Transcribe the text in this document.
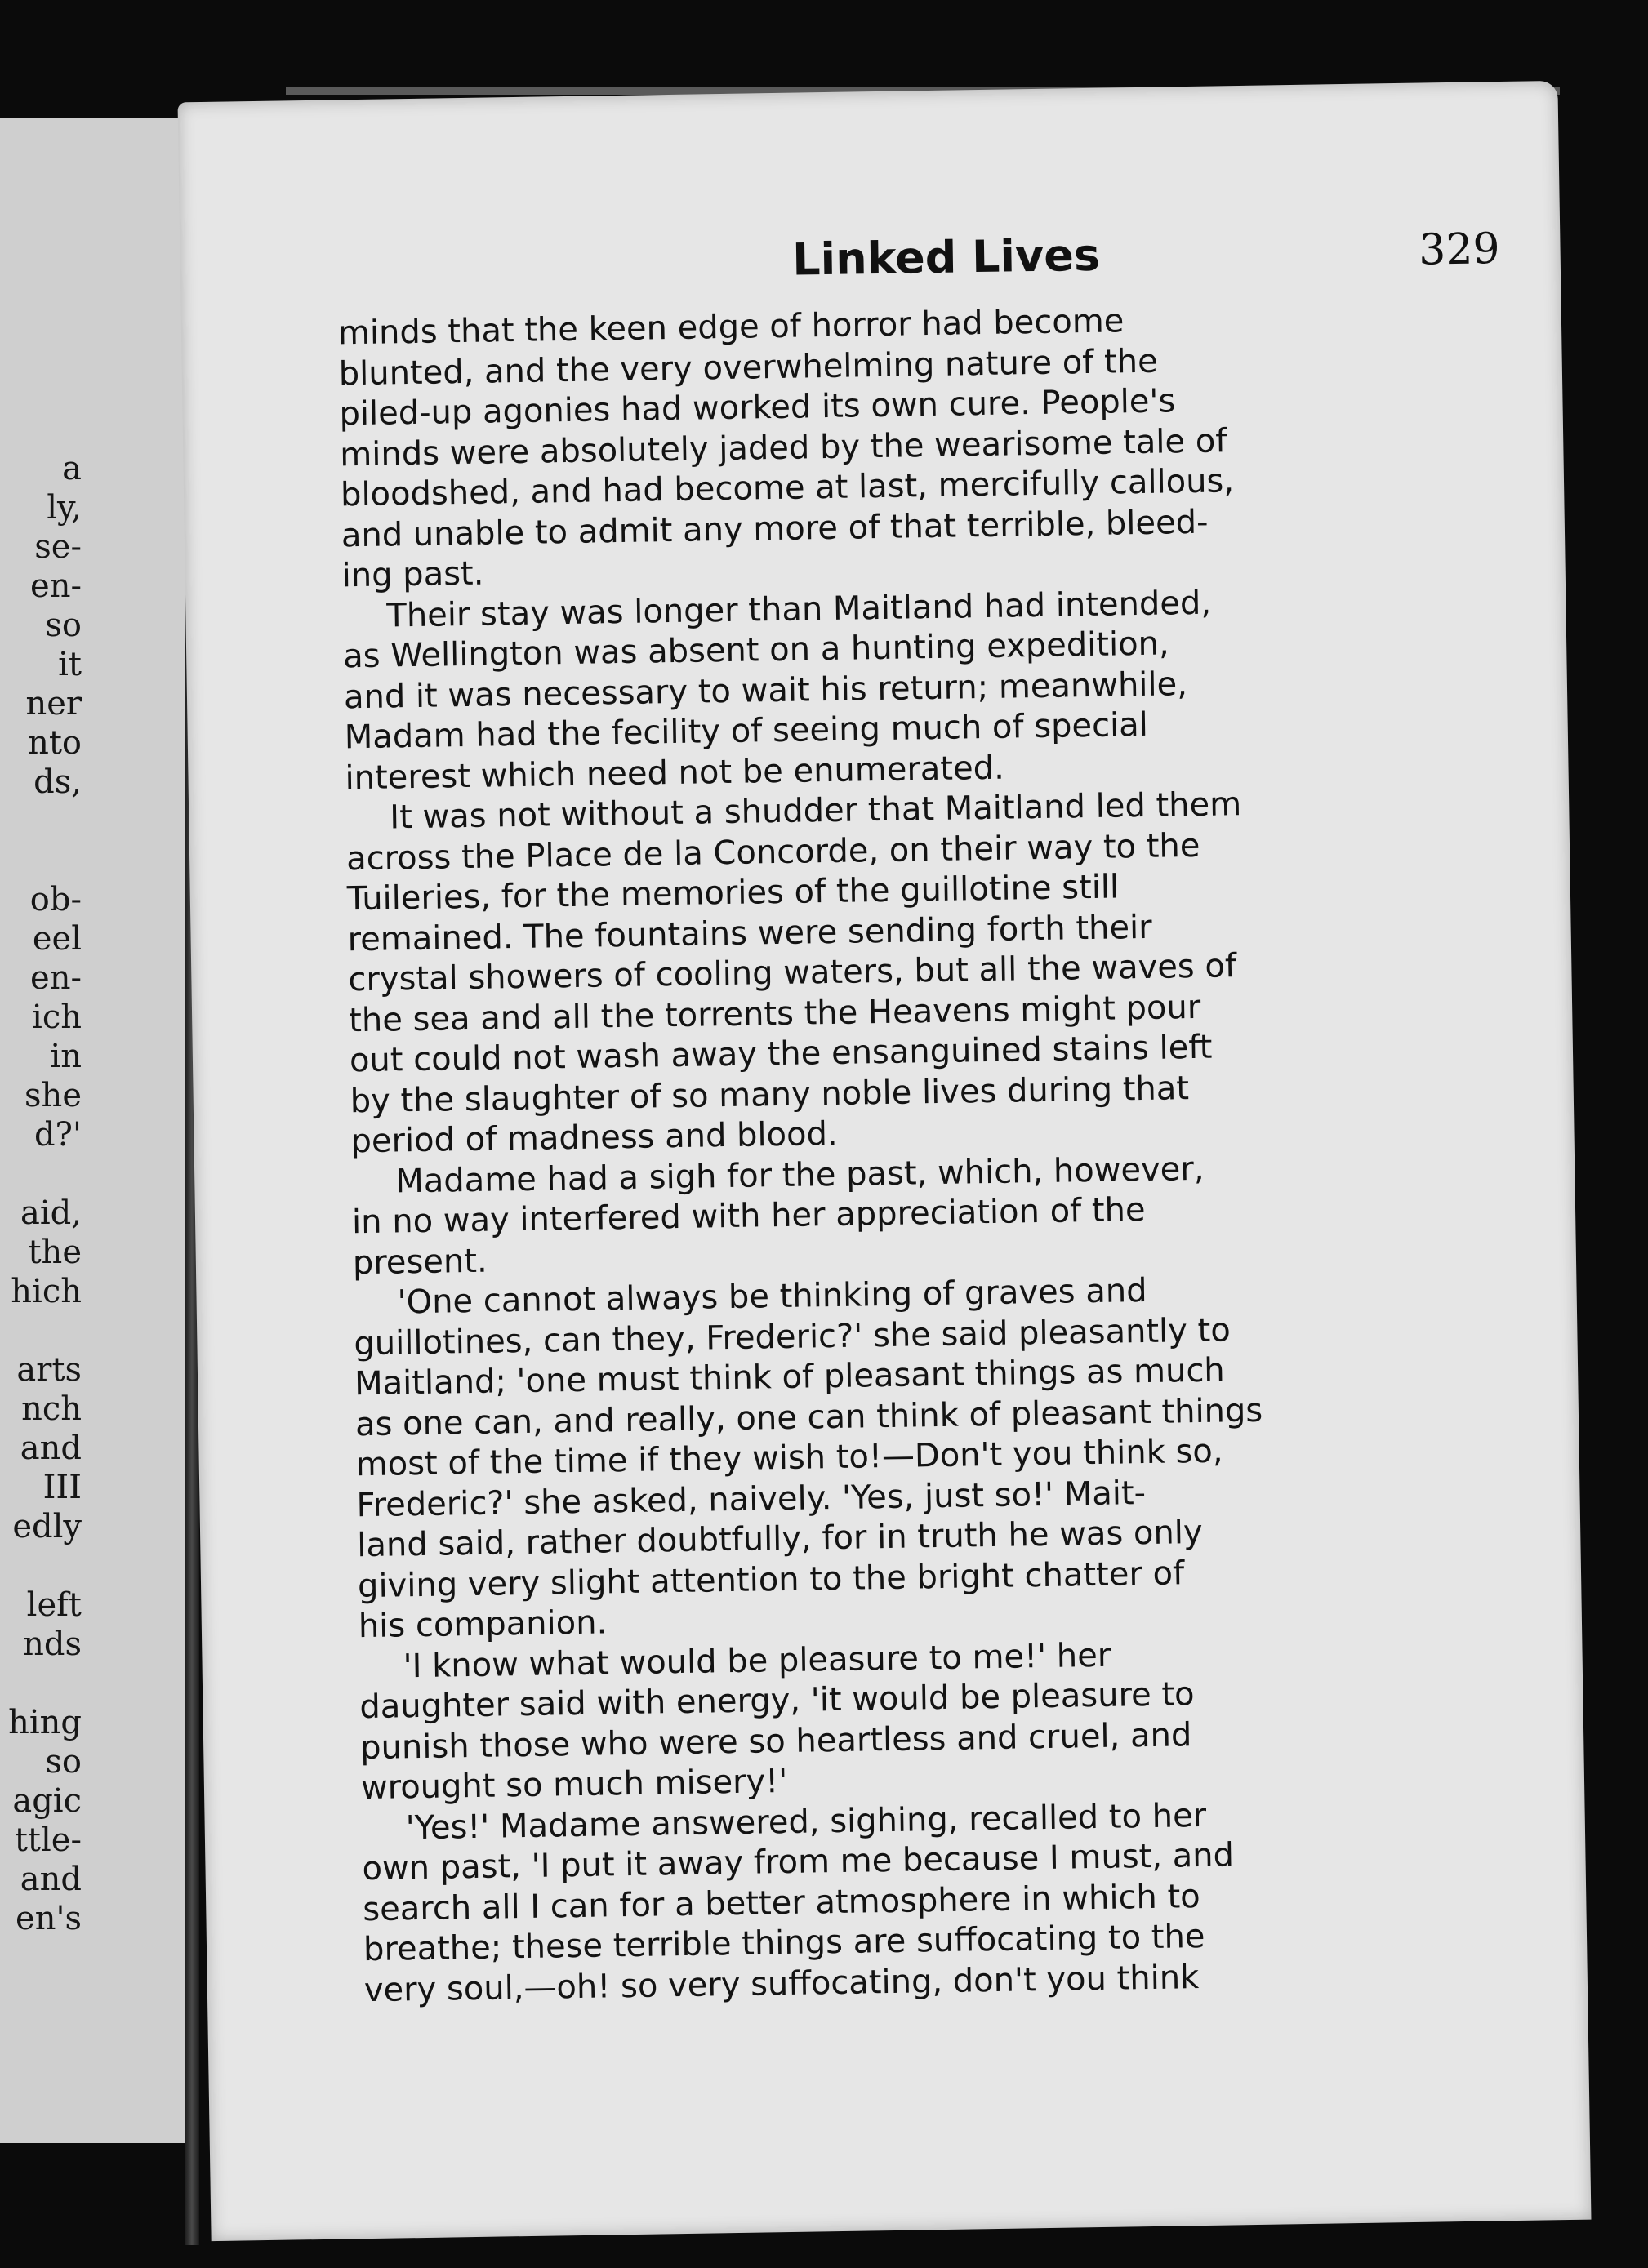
a
ly,
se-
en-
so
it
ner
nto
ds,
ob-
eel
en-
ich
in
she
d?'
aid,
the
hich
arts
nch
and
III
edly
left
nds
hing
so
agic
ttle-
and
en's
Linked Lives	329
minds that the keen edge of horror had become
blunted, and the very overwhelming nature of the
piled-up agonies had worked its own cure. People's
minds were absolutely jaded by the wearisome tale of
bloodshed, and had become at last, mercifully callous,
and unable to admit any more of that terrible, bleed-
ing past.
Their stay was longer than Maitland had intended,
as Wellington was absent on a hunting expedition,
and it was necessary to wait his return; meanwhile,
Madam had the fecility of seeing much of special
interest which need not be enumerated.
It was not without a shudder that Maitland led them
across the Place de la Concorde, on their way to the
Tuileries, for the memories of the guillotine still
remained. The fountains were sending forth their
crystal showers of cooling waters, but all the waves of
the sea and all the torrents the Heavens might pour
out could not wash away the ensanguined stains left
by the slaughter of so many noble lives during that
period of madness and blood.
Madame had a sigh for the past, which, however,
in no way interfered with her appreciation of the
present.
'One cannot always be thinking of graves and
guillotines, can they, Frederic?' she said pleasantly to
Maitland; 'one must think of pleasant things as much
as one can, and really, one can think of pleasant things
most of the time if they wish to!—Don't you think so,
Frederic?' she asked, naively. 'Yes, just so!' Mait-
land said, rather doubtfully, for in truth he was only
giving very slight attention to the bright chatter of
his companion.
'I know what would be pleasure to me!' her
daughter said with energy, 'it would be pleasure to
punish those who were so heartless and cruel, and
wrought so much misery!'
'Yes!' Madame answered, sighing, recalled to her
own past, 'I put it away from me because I must, and
search all I can for a better atmosphere in which to
breathe; these terrible things are suffocating to the
very soul,—oh! so very suffocating, don't you think
